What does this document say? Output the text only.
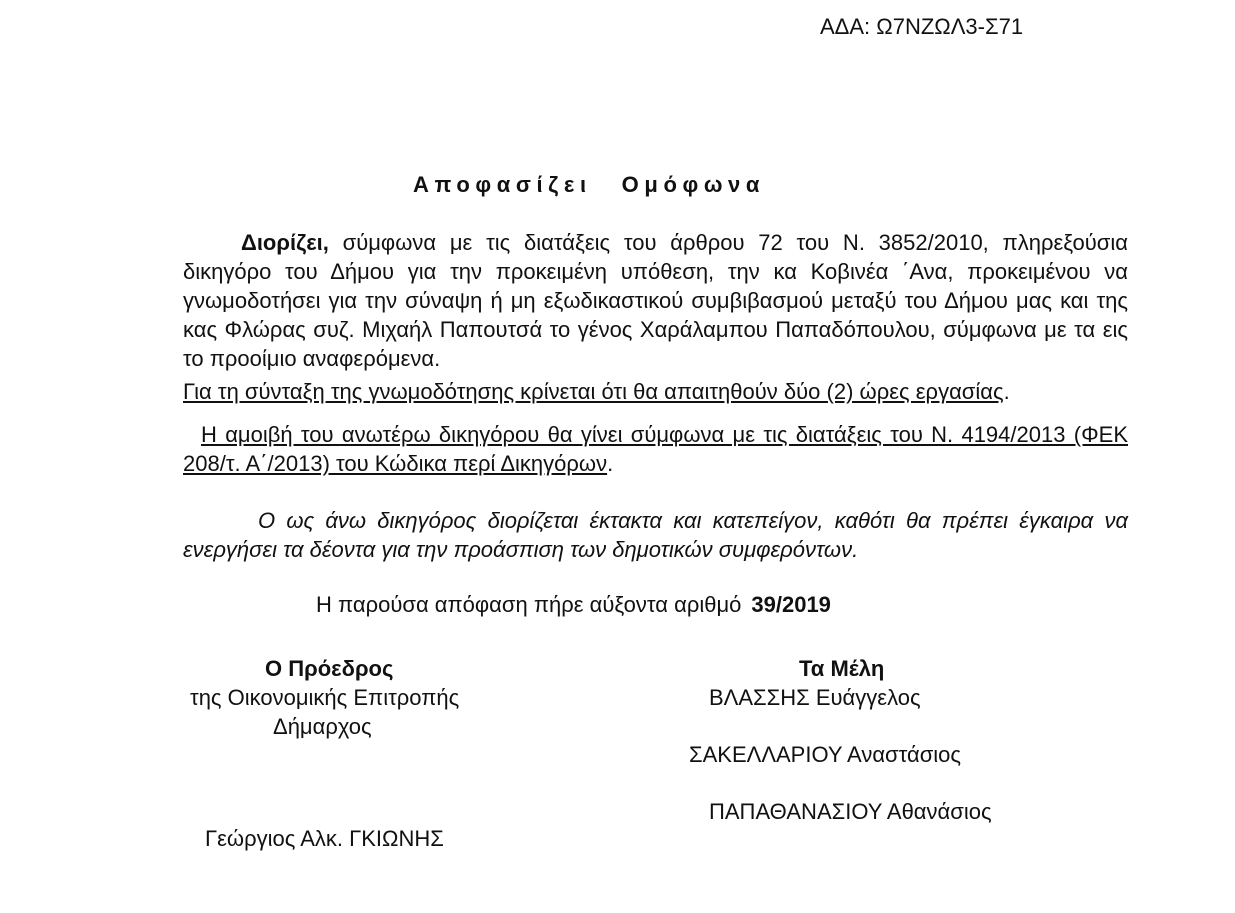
ΑΔΑ: Ω7ΝΖΩΛ3-Σ71
Αποφασίζει Ομόφωνα
Διορίζει, σύμφωνα με τις διατάξεις του άρθρου 72 του Ν. 3852/2010, πληρεξούσια δικηγόρο του Δήμου για την προκειμένη υπόθεση, την κα Κοβινέα ΄Ανα, προκειμένου να γνωμοδοτήσει για την σύναψη ή μη εξωδικαστικού συμβιβασμού μεταξύ του Δήμου μας και της κας Φλώρας συζ. Μιχαήλ Παπουτσά το γένος Χαράλαμπου Παπαδόπουλου, σύμφωνα με τα εις το προοίμιο αναφερόμενα.
Για τη σύνταξη της γνωμοδότησης κρίνεται ότι θα απαιτηθούν δύο (2) ώρες εργασίας.
Η αμοιβή του ανωτέρω δικηγόρου θα γίνει σύμφωνα με τις διατάξεις του Ν. 4194/2013 (ΦΕΚ 208/τ. Α΄/2013) του Κώδικα περί Δικηγόρων.
Ο ως άνω δικηγόρος διορίζεται έκτακτα και κατεπείγον, καθότι θα πρέπει έγκαιρα να ενεργήσει τα δέοντα για την προάσπιση των δημοτικών συμφερόντων.
Η παρούσα απόφαση πήρε αύξοντα αριθμό 39/2019
Ο Πρόεδρος
της Οικονομικής Επιτροπής
Δήμαρχος
Γεώργιος Αλκ. ΓΚΙΩΝΗΣ
Τα Μέλη
ΒΛΑΣΣΗΣ Ευάγγελος
ΣΑΚΕΛΛΑΡΙΟΥ Αναστάσιος
ΠΑΠΑΘΑΝΑΣΙΟΥ Αθανάσιος
